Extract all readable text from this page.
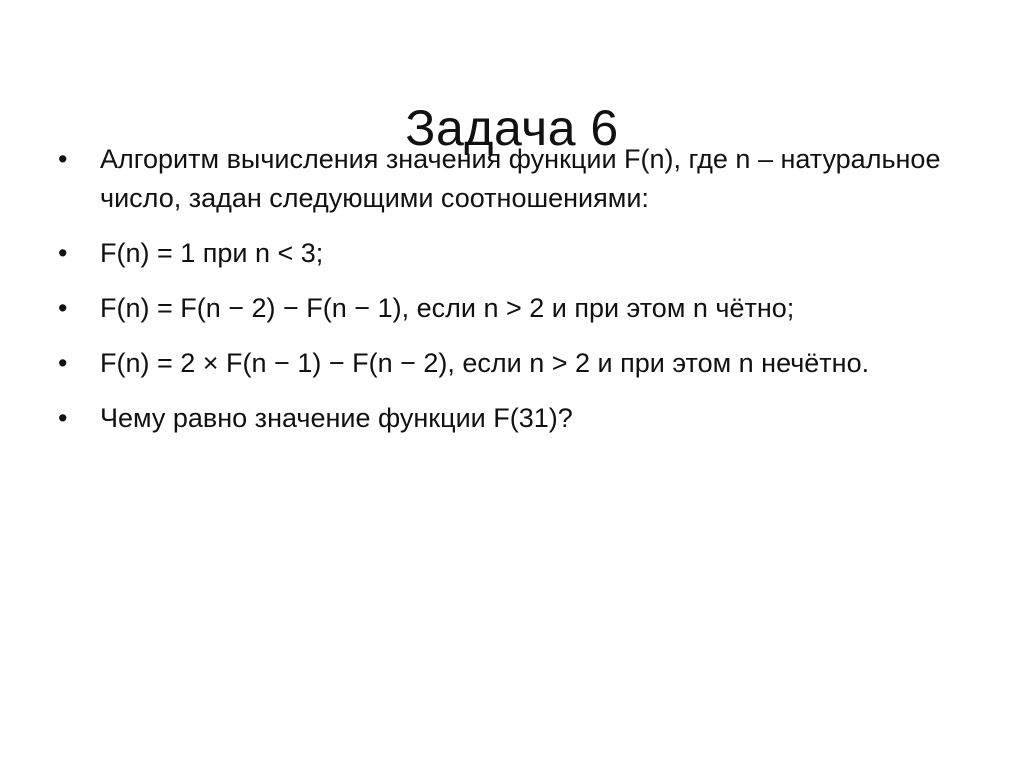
Задача 6
•	Алгоритм вычисления значения функции F(n), где n – натуральное число, задан следующими соотношениями:
•	F(n) = 1 при n < 3;
•	F(n) = F(n − 2) − F(n − 1), если n > 2 и при этом n чётно;
•	F(n) = 2 × F(n − 1) − F(n − 2), если n > 2 и при этом n нечётно.
•	Чему равно значение функции F(31)?
